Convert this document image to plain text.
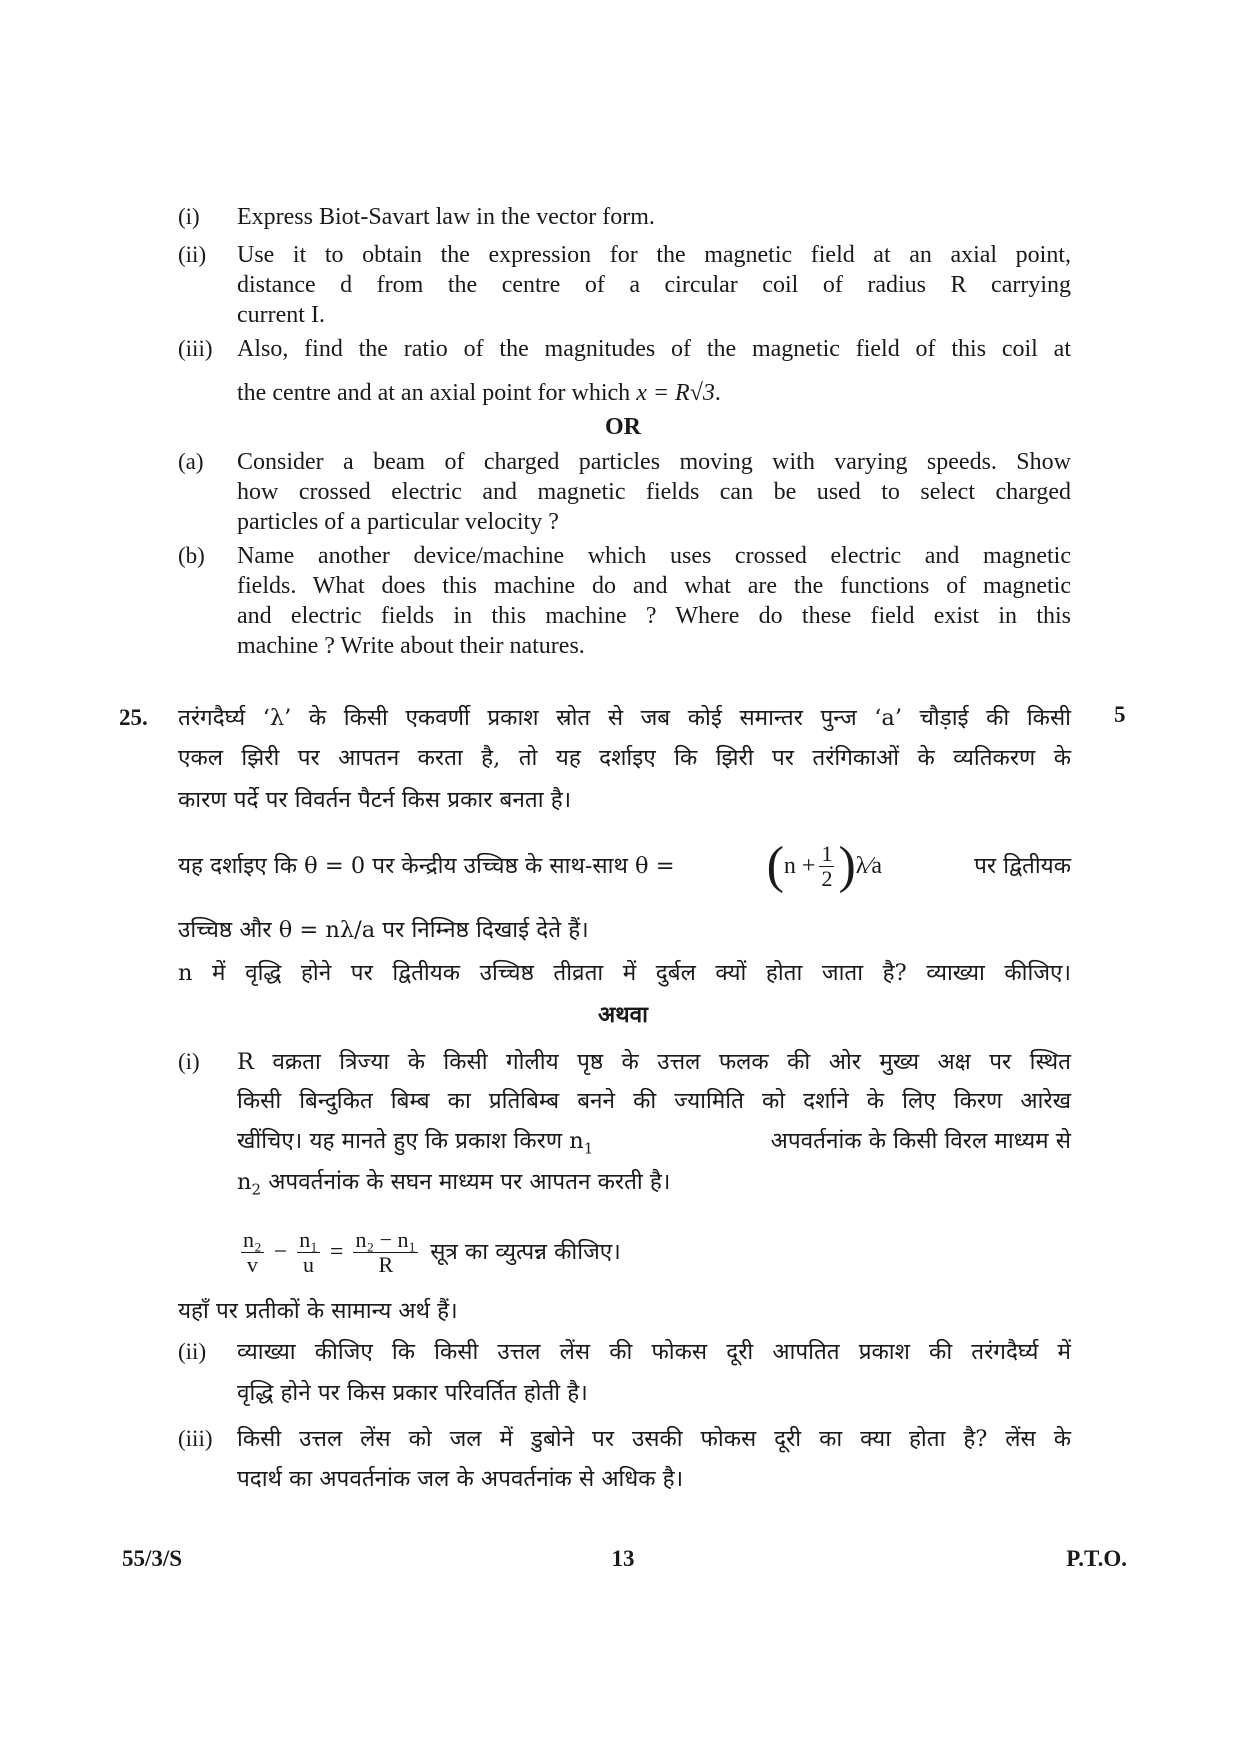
(i) Express Biot-Savart law in the vector form.
(ii) Use it to obtain the expression for the magnetic field at an axial point,
distance d from the centre of a circular coil of radius R carrying
current I.
(iii) Also, find the ratio of the magnitudes of the magnetic field of this coil at
the centre and at an axial point for which x = R√3.
OR
(a) Consider a beam of charged particles moving with varying speeds. Show
how crossed electric and magnetic fields can be used to select charged
particles of a particular velocity ?
(b) Name another device/machine which uses crossed electric and magnetic
fields. What does this machine do and what are the functions of magnetic
and electric fields in this machine ? Where do these field exist in this
machine ? Write about their natures.
25.	5
तरंगदैर्घ्य ‘λ’ के किसी एकवर्णी प्रकाश स्रोत से जब कोई समान्तर पुन्ज ‘a’ चौड़ाई की किसी
एकल झिरी पर आपतन करता है, तो यह दर्शाइए कि झिरी पर तरंगिकाओं के व्यतिकरण के
कारण पर्दे पर विवर्तन पैटर्न किस प्रकार बनता है।
यह दर्शाइए कि θ = 0 पर केन्द्रीय उच्चिष्ठ के साथ-साथ θ = ( $n + \frac{1}{2}$ ) λ⁄a	पर द्वितीयक
उच्चिष्ठ और θ = nλ/a पर निम्निष्ठ दिखाई देते हैं।
n में वृद्धि होने पर द्वितीयक उच्चिष्ठ तीव्रता में दुर्बल क्यों होता जाता है? व्याख्या कीजिए।
अथवा
(i) R वक्रता त्रिज्या के किसी गोलीय पृष्ठ के उत्तल फलक की ओर मुख्य अक्ष पर स्थित
किसी बिन्दुकित बिम्ब का प्रतिबिम्ब बनने की ज्यामिति को दर्शाने के लिए किरण आरेख
खींचिए। यह मानते हुए कि प्रकाश किरण $n_1$	अपवर्तनांक के किसी विरल माध्यम से
$n_2$ अपवर्तनांक के सघन माध्यम पर आपतन करती है।
$\frac{\text{n₂}}{v} - \frac{\text{n₁}}{u} = \frac{\text{n₂ − n₁}}{R}$ सूत्र का व्युत्पन्न कीजिए।
यहाँ पर प्रतीकों के सामान्य अर्थ हैं।
(ii) व्याख्या कीजिए कि किसी उत्तल लेंस की फोकस दूरी आपतित प्रकाश की तरंगदैर्घ्य में
वृद्धि होने पर किस प्रकार परिवर्तित होती है।
(iii) किसी उत्तल लेंस को जल में डुबोने पर उसकी फोकस दूरी का क्या होता है? लेंस के
पदार्थ का अपवर्तनांक जल के अपवर्तनांक से अधिक है।
55/3/S	13	P.T.O.
